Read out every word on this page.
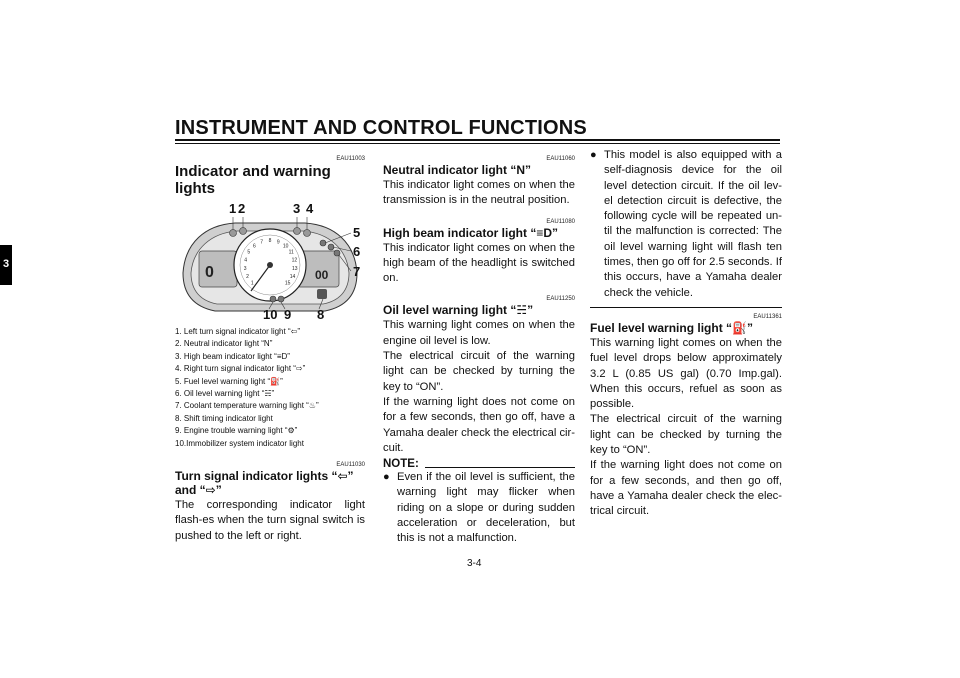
INSTRUMENT AND CONTROL FUNCTIONS
3
EAU11003
Indicator and warning lights
1
2
3
4
5
6
7 8 9
10
11
12
13
14
15
0	00
1 2	3 4
5
6
7
8
9
10
1. Left turn signal indicator light “⇦”
2. Neutral indicator light “N”
3. High beam indicator light “≡D”
4. Right turn signal indicator light “⇨”
5. Fuel level warning light “⛽”
6. Oil level warning light “☵”
7. Coolant temperature warning light “♨”
8. Shift timing indicator light
9. Engine trouble warning light “⚙”
10.Immobilizer system indicator light
EAU11030
Turn signal indicator lights “⇦” and “⇨”

The corresponding indicator light flash-es when the turn signal switch is pushed to the left or right.

EAU11060
Neutral indicator light “N”

This indicator light comes on when the transmission is in the neutral position.

EAU11080
High beam indicator light “≡D”

This indicator light comes on when the high beam of the headlight is switched on.

EAU11250
Oil level warning light “☵”

This warning light comes on when the engine oil level is low.

The electrical circuit of the warning light can be checked by turning the key to “ON”.

If the warning light does not come on for a few seconds, then go off, have a Yamaha dealer check the electrical cir-cuit.

NOTE:
● Even if the oil level is sufficient, the warning light may flicker when riding on a slope or during sudden acceleration or deceleration, but this is not a malfunction.
● This model is also equipped with a self-diagnosis device for the oil level detection circuit. If the oil lev-el detection circuit is defective, the following cycle will be repeated un-til the malfunction is corrected: The oil level warning light will flash ten times, then go off for 2.5 seconds. If this occurs, have a Yamaha dealer check the vehicle.
EAU11361
Fuel level warning light “⛽”

This warning light comes on when the fuel level drops below approximately 3.2 L (0.85 US gal) (0.70 Imp.gal). When this occurs, refuel as soon as possible.

The electrical circuit of the warning light can be checked by turning the key to “ON”.

If the warning light does not come on for a few seconds, and then go off, have a Yamaha dealer check the elec-trical circuit.

3-4
